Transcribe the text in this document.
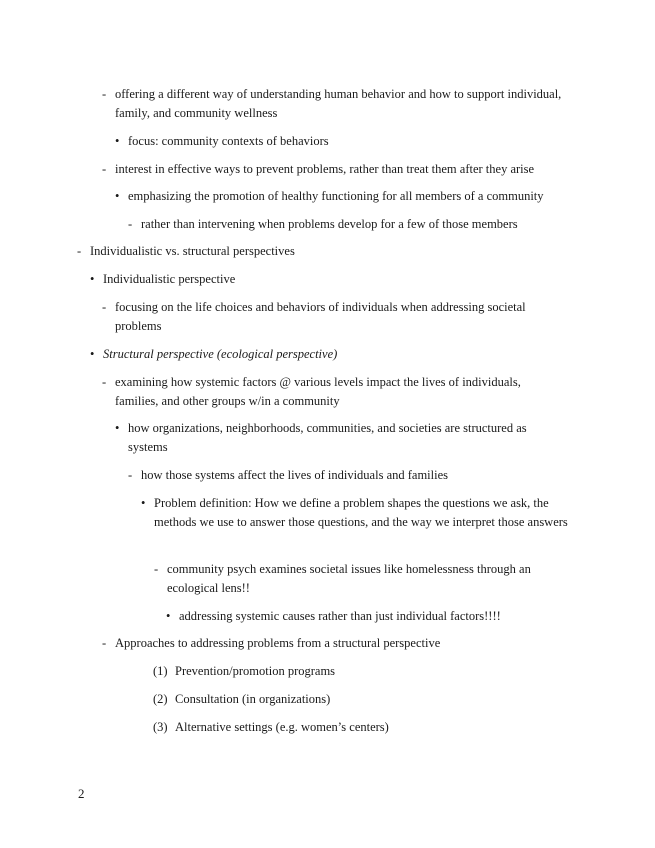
- offering a different way of understanding human behavior and how to support individual, family, and community wellness
• focus: community contexts of behaviors
- interest in effective ways to prevent problems, rather than treat them after they arise
• emphasizing the promotion of healthy functioning for all members of a community
- rather than intervening when problems develop for a few of those members
- Individualistic vs. structural perspectives
• Individualistic perspective
- focusing on the life choices and behaviors of individuals when addressing societal problems
• Structural perspective (ecological perspective)
- examining how systemic factors @ various levels impact the lives of individuals, families, and other groups w/in a community
• how organizations, neighborhoods, communities, and societies are structured as systems
- how those systems affect the lives of individuals and families
• Problem definition: How we define a problem shapes the questions we ask, the methods we use to answer those questions, and the way we interpret those answers
- community psych examines societal issues like homelessness through an ecological lens!!
• addressing systemic causes rather than just individual factors!!!!
- Approaches to addressing problems from a structural perspective
(1) Prevention/promotion programs
(2) Consultation (in organizations)
(3) Alternative settings (e.g. women’s centers)
2
